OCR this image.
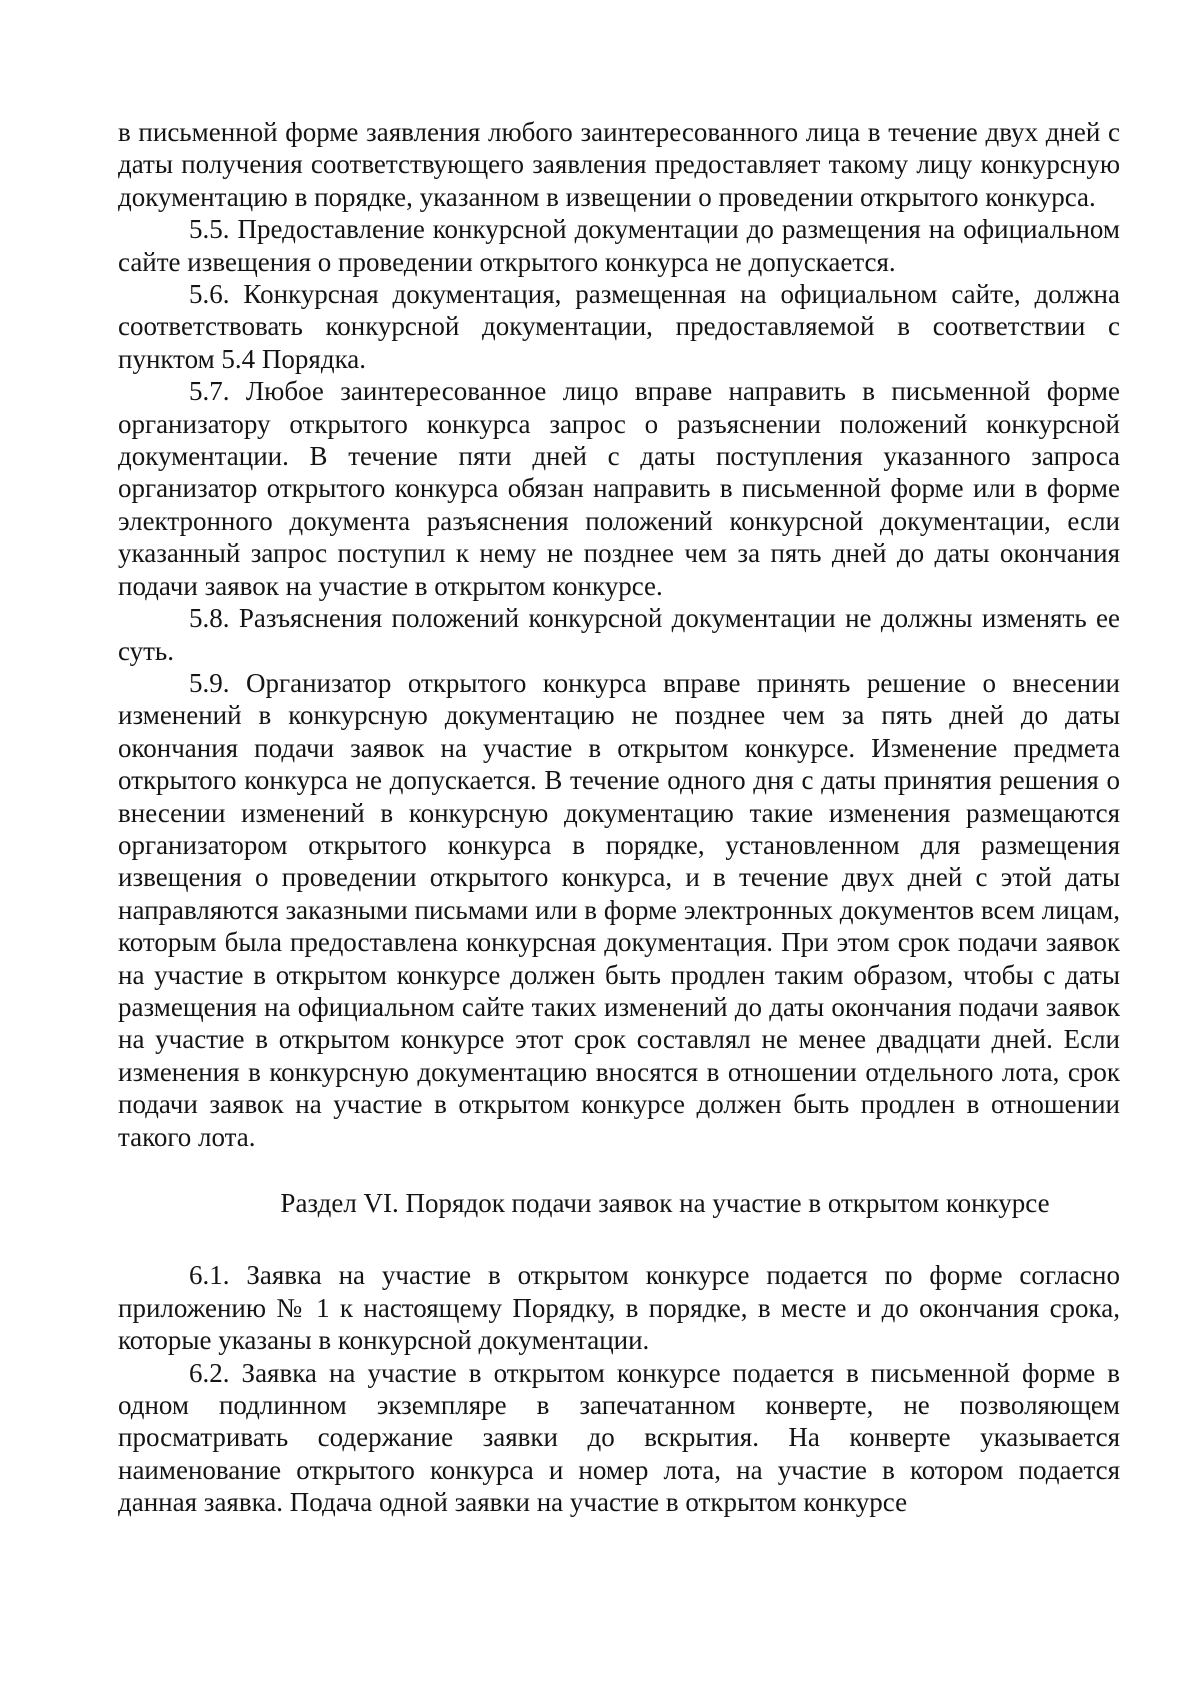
в письменной форме заявления любого заинтересованного лица в течение двух дней с даты получения соответствующего заявления предоставляет такому лицу конкурсную документацию в порядке, указанном в извещении о проведении открытого конкурса.

5.5. Предоставление конкурсной документации до размещения на официальном сайте извещения о проведении открытого конкурса не допускается.

5.6. Конкурсная документация, размещенная на официальном сайте, должна соответствовать конкурсной документации, предоставляемой в соответствии с пунктом 5.4 Порядка.

5.7. Любое заинтересованное лицо вправе направить в письменной форме организатору открытого конкурса запрос о разъяснении положений конкурсной документации. В течение пяти дней с даты поступления указанного запроса организатор открытого конкурса обязан направить в письменной форме или в форме электронного документа разъяснения положений конкурсной документации, если указанный запрос поступил к нему не позднее чем за пять дней до даты окончания подачи заявок на участие в открытом конкурсе.

5.8. Разъяснения положений конкурсной документации не должны изменять ее суть.

5.9. Организатор открытого конкурса вправе принять решение о внесении изменений в конкурсную документацию не позднее чем за пять дней до даты окончания подачи заявок на участие в открытом конкурсе. Изменение предмета открытого конкурса не допускается. В течение одного дня с даты принятия решения о внесении изменений в конкурсную документацию такие изменения размещаются организатором открытого конкурса в порядке, установленном для размещения извещения о проведении открытого конкурса, и в течение двух дней с этой даты направляются заказными письмами или в форме электронных документов всем лицам, которым была предоставлена конкурсная документация. При этом срок подачи заявок на участие в открытом конкурсе должен быть продлен таким образом, чтобы с даты размещения на официальном сайте таких изменений до даты окончания подачи заявок на участие в открытом конкурсе этот срок составлял не менее двадцати дней. Если изменения в конкурсную документацию вносятся в отношении отдельного лота, срок подачи заявок на участие в открытом конкурсе должен быть продлен в отношении такого лота.

Раздел VI. Порядок подачи заявок на участие в открытом конкурсе

6.1. Заявка на участие в открытом конкурсе подается по форме согласно приложению № 1 к настоящему Порядку, в порядке, в месте и до окончания срока, которые указаны в конкурсной документации.

6.2. Заявка на участие в открытом конкурсе подается в письменной форме в одном подлинном экземпляре в запечатанном конверте, не позволяющем просматривать содержание заявки до вскрытия. На конверте указывается наименование открытого конкурса и номер лота, на участие в котором подается данная заявка. Подача одной заявки на участие в открытом конкурсе
